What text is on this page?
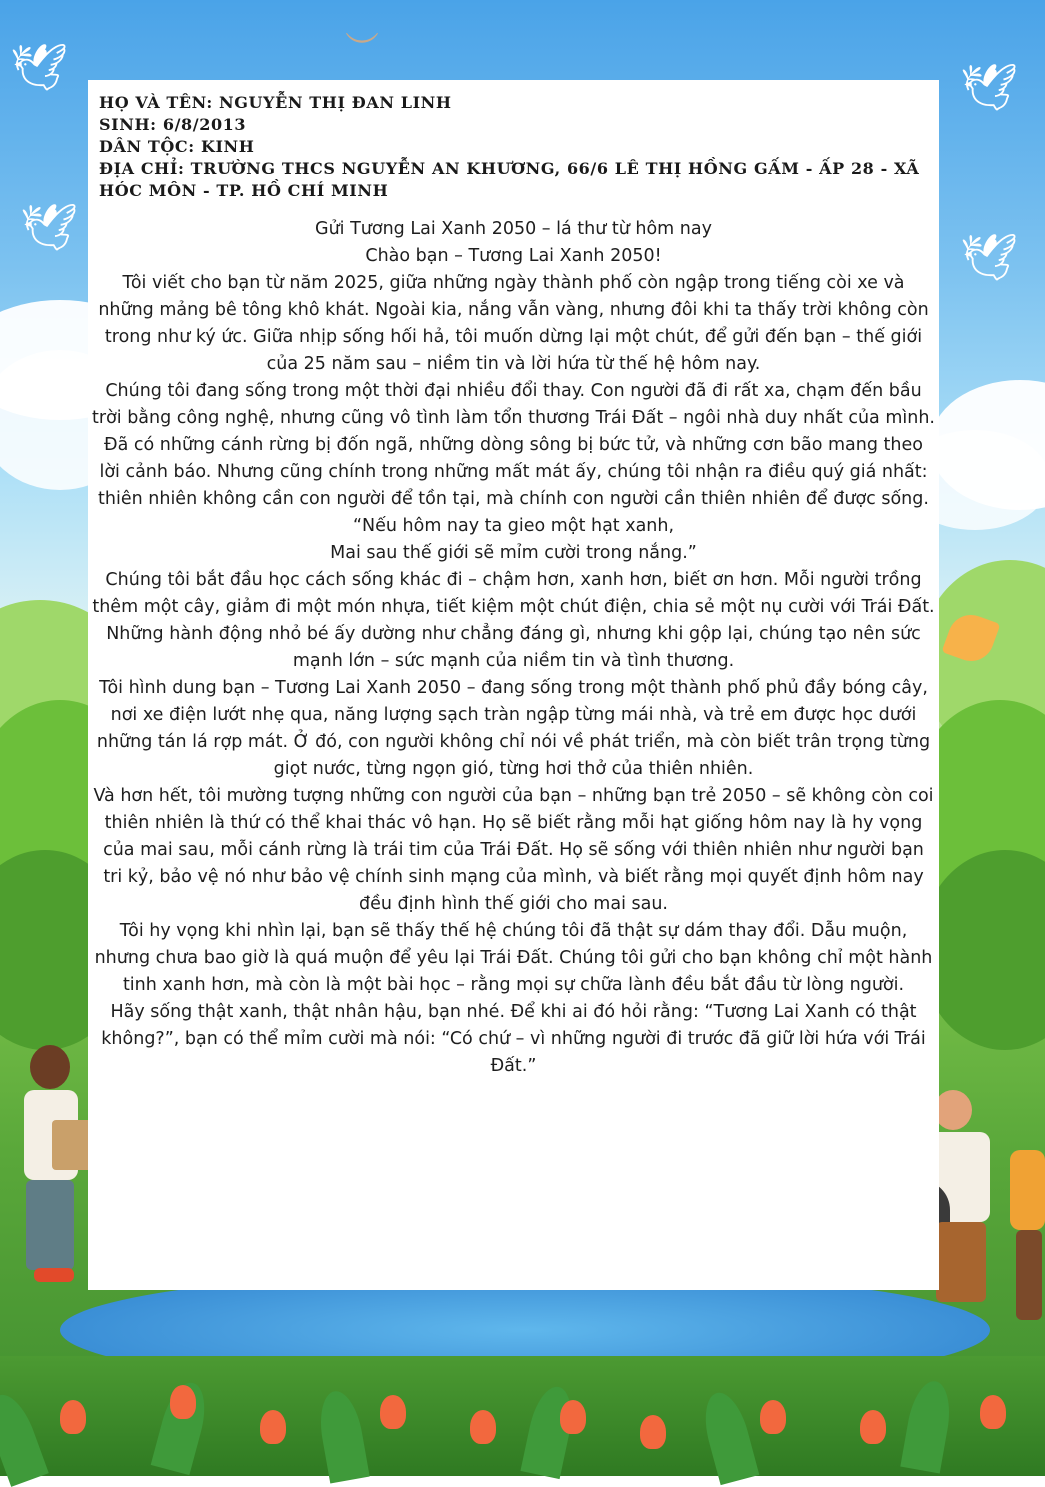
🕊	🕊
🕊
🕊
︶
HỌ VÀ TÊN: NGUYỄN THỊ ĐAN LINH
SINH: 6/8/2013
DÂN TỘC: KINH
ĐỊA CHỈ: TRƯỜNG THCS NGUYỄN AN KHƯƠNG, 66/6 LÊ THỊ HỒNG GẤM - ẤP 28 - XÃ HÓC MÔN - TP. HỒ CHÍ MINH

Gửi Tương Lai Xanh 2050 – lá thư từ hôm nay

Chào bạn – Tương Lai Xanh 2050!

Tôi viết cho bạn từ năm 2025, giữa những ngày thành phố còn ngập trong tiếng còi xe và những mảng bê tông khô khát. Ngoài kia, nắng vẫn vàng, nhưng đôi khi ta thấy trời không còn trong như ký ức. Giữa nhịp sống hối hả, tôi muốn dừng lại một chút, để gửi đến bạn – thế giới của 25 năm sau – niềm tin và lời hứa từ thế hệ hôm nay.

Chúng tôi đang sống trong một thời đại nhiều đổi thay. Con người đã đi rất xa, chạm đến bầu trời bằng công nghệ, nhưng cũng vô tình làm tổn thương Trái Đất – ngôi nhà duy nhất của mình. Đã có những cánh rừng bị đốn ngã, những dòng sông bị bức tử, và những cơn bão mang theo lời cảnh báo. Nhưng cũng chính trong những mất mát ấy, chúng tôi nhận ra điều quý giá nhất: thiên nhiên không cần con người để tồn tại, mà chính con người cần thiên nhiên để được sống.

“Nếu hôm nay ta gieo một hạt xanh,

Mai sau thế giới sẽ mỉm cười trong nắng.”

Chúng tôi bắt đầu học cách sống khác đi – chậm hơn, xanh hơn, biết ơn hơn. Mỗi người trồng thêm một cây, giảm đi một món nhựa, tiết kiệm một chút điện, chia sẻ một nụ cười với Trái Đất. Những hành động nhỏ bé ấy dường như chẳng đáng gì, nhưng khi gộp lại, chúng tạo nên sức mạnh lớn – sức mạnh của niềm tin và tình thương.

Tôi hình dung bạn – Tương Lai Xanh 2050 – đang sống trong một thành phố phủ đầy bóng cây, nơi xe điện lướt nhẹ qua, năng lượng sạch tràn ngập từng mái nhà, và trẻ em được học dưới những tán lá rợp mát. Ở đó, con người không chỉ nói về phát triển, mà còn biết trân trọng từng giọt nước, từng ngọn gió, từng hơi thở của thiên nhiên.

Và hơn hết, tôi mường tượng những con người của bạn – những bạn trẻ 2050 – sẽ không còn coi thiên nhiên là thứ có thể khai thác vô hạn. Họ sẽ biết rằng mỗi hạt giống hôm nay là hy vọng của mai sau, mỗi cánh rừng là trái tim của Trái Đất. Họ sẽ sống với thiên nhiên như người bạn tri kỷ, bảo vệ nó như bảo vệ chính sinh mạng của mình, và biết rằng mọi quyết định hôm nay đều định hình thế giới cho mai sau.

Tôi hy vọng khi nhìn lại, bạn sẽ thấy thế hệ chúng tôi đã thật sự dám thay đổi. Dẫu muộn, nhưng chưa bao giờ là quá muộn để yêu lại Trái Đất. Chúng tôi gửi cho bạn không chỉ một hành tinh xanh hơn, mà còn là một bài học – rằng mọi sự chữa lành đều bắt đầu từ lòng người.

Hãy sống thật xanh, thật nhân hậu, bạn nhé. Để khi ai đó hỏi rằng: “Tương Lai Xanh có thật không?”, bạn có thể mỉm cười mà nói: “Có chứ – vì những người đi trước đã giữ lời hứa với Trái Đất.”
